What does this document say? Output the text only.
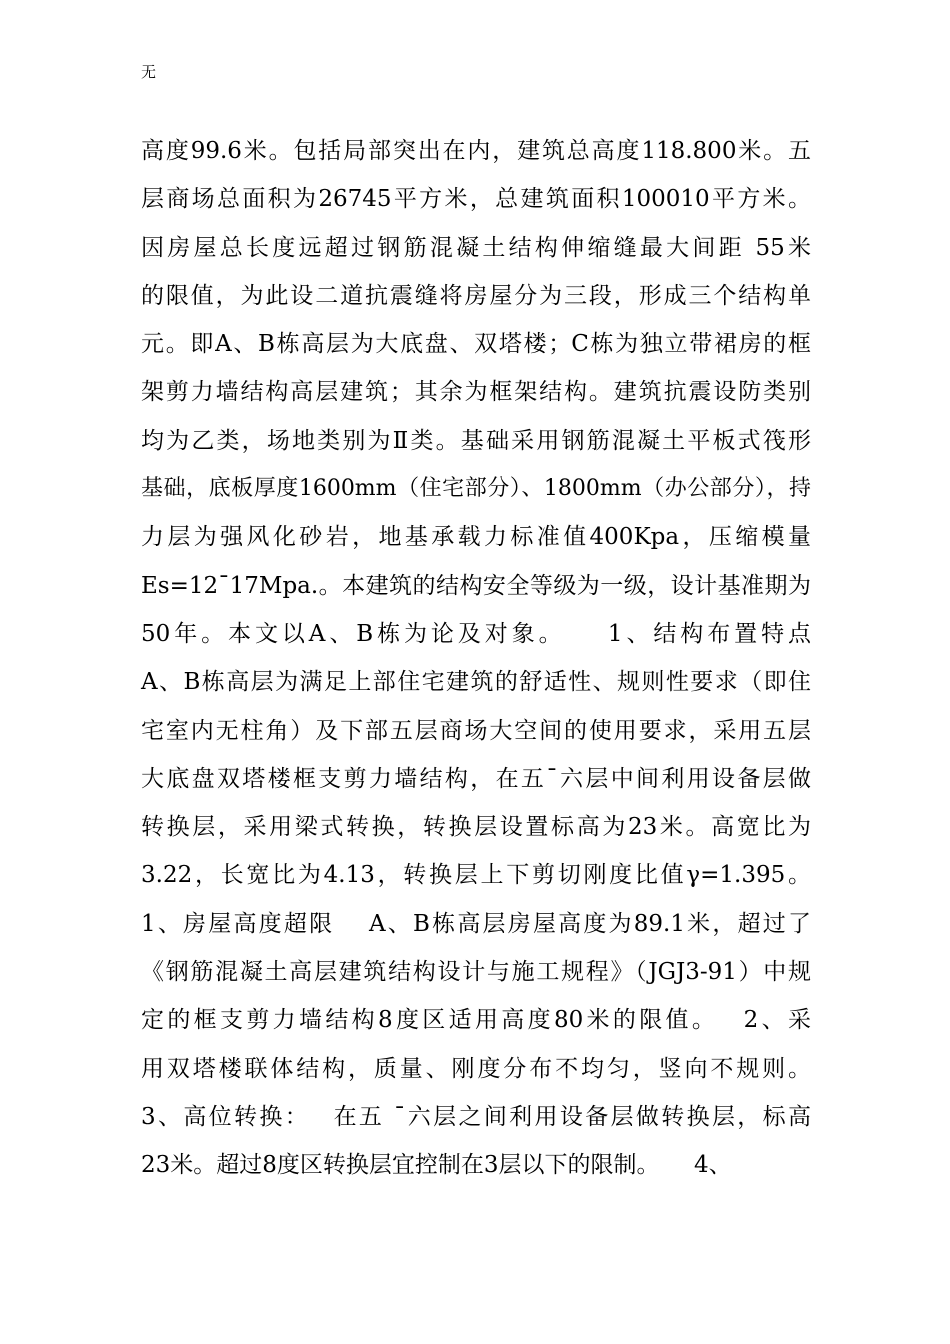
无
高度99.6米。包括局部突出在内，建筑总高度118.800米。五
层商场总面积为26745平方米，总建筑面积100010平方米。
因房屋总长度远超过钢筋混凝土结构伸缩缝最大间距 55米
的限值，为此设二道抗震缝将房屋分为三段，形成三个结构单
元。即A、B栋高层为大底盘、双塔楼；C栋为独立带裙房的框
架剪力墙结构高层建筑；其余为框架结构。建筑抗震设防类别
均为乙类，场地类别为Ⅱ类。基础采用钢筋混凝土平板式筏形
基础，底板厚度1600mm（住宅部分）、1800mm（办公部分），持
力层为强风化砂岩，地基承载力标准值400Kpa，压缩模量
Es=12¯17Mpa.。本建筑的结构安全等级为一级，设计基准期为
50年。本文以A、B栋为论及对象。　　1、结构布置特点
A、B栋高层为满足上部住宅建筑的舒适性、规则性要求（即住
宅室内无柱角）及下部五层商场大空间的使用要求，采用五层
大底盘双塔楼框支剪力墙结构，在五¯六层中间利用设备层做
转换层，采用梁式转换，转换层设置标高为23米。高宽比为
3.22，长宽比为4.13，转换层上下剪切刚度比值γ=1.395。
1、房屋高度超限　 A、B栋高层房屋高度为89.1米，超过了
《钢筋混凝土高层建筑结构设计与施工规程》（JGJ3-91）中规
定的框支剪力墙结构8度区适用高度80米的限值。　 2、采
用双塔楼联体结构，质量、刚度分布不均匀，竖向不规则。
3、高位转换：　 在五 ¯六层之间利用设备层做转换层，标高
23米。超过8度区转换层宜控制在3层以下的限制。　　4、
